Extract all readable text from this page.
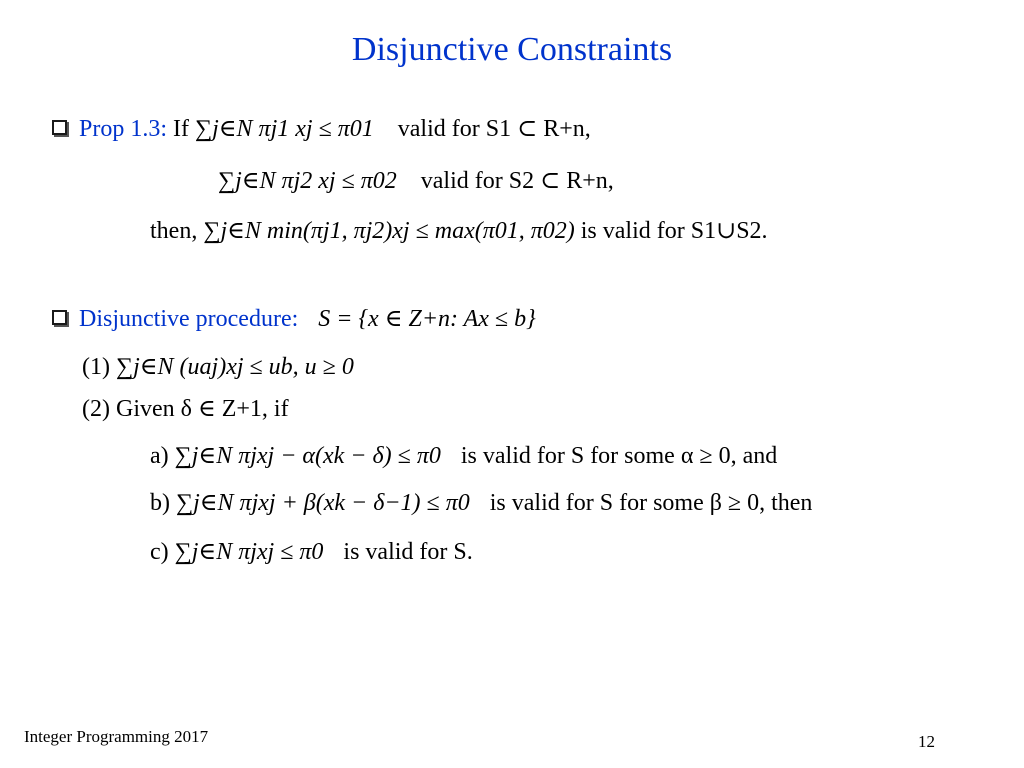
Disjunctive Constraints
Prop 1.3: If ∑j∈N πj1 xj ≤ π01 valid for S1 ⊂ R+n,
∑j∈N πj2 xj ≤ π02 valid for S2 ⊂ R+n,
then, ∑j∈N min(πj1, πj2)xj ≤ max(π01, π02) is valid for S1∪S2.
Disjunctive procedure: S = {x ∈ Z+n: Ax ≤ b}
(1) ∑j∈N (uaj)xj ≤ ub, u ≥ 0
(2) Given δ ∈ Z+1, if
a) ∑j∈N πjxj − α(xk − δ) ≤ π0 is valid for S for some α ≥ 0, and
b) ∑j∈N πjxj + β(xk − δ−1) ≤ π0 is valid for S for some β ≥ 0, then
c) ∑j∈N πjxj ≤ π0 is valid for S.
Integer Programming 2017	12
